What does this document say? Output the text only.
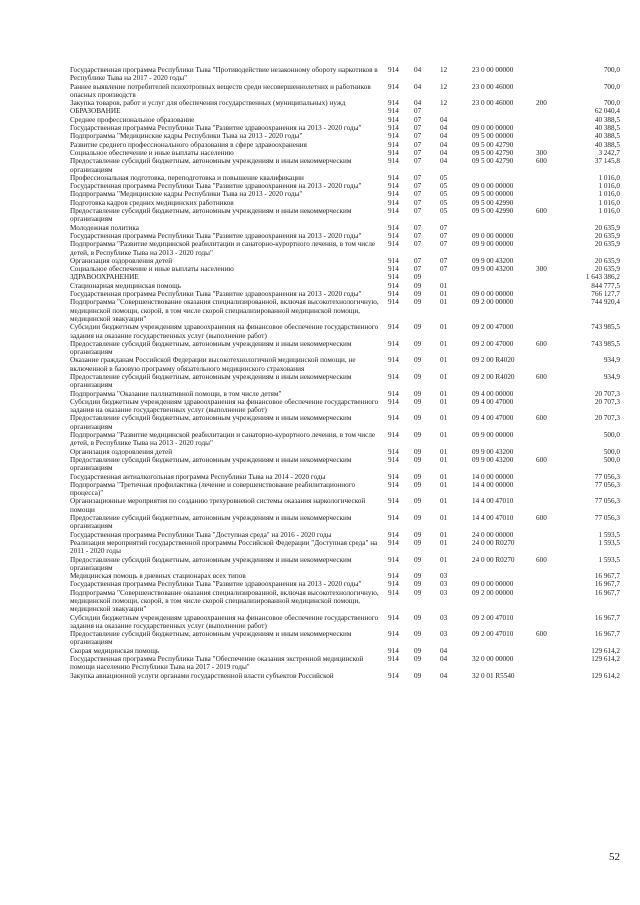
Государственная программа Республики Тыва "Противодействие незаконному обороту наркотиков в Республике Тыва на 2017 - 2020 годы"	914	04	12	23 0 00 00000		700,0
Раннее выявление потребителей психотропных веществ среди несовершеннолетних и работников опасных производств	914	04	12	23 0 00 46000		700,0
Закупка товаров, работ и услуг для обеспечения государственных (муниципальных) нужд	914	04	12	23 0 00 46000	200	700,0
ОБРАЗОВАНИЕ	914	07				62 040,4
Среднее профессиональное образование	914	07	04			40 388,5
Государственная программа Республики Тыва "Развитие здравоохранения на 2013 - 2020 годы"	914	07	04	09 0 00 00000		40 388,5
Подпрограмма "Медицинские кадры Республики Тыва на 2013 - 2020 годы"	914	07	04	09 5 00 00000		40 388,5
Развитие среднего профессионального образования в сфере здравоохранения	914	07	04	09 5 00 42790		40 388,5
Социальное обеспечение и иные выплаты населению	914	07	04	09 5 00 42790	300	3 242,7
Предоставление субсидий бюджетным, автономным учреждениям и иным некоммерческим организациям	914	07	04	09 5 00 42790	600	37 145,8
Профессиональная подготовка, переподготовка и повышение квалификации	914	07	05			1 016,0
Государственная программа Республики Тыва "Развитие здравоохранения на 2013 - 2020 годы"	914	07	05	09 0 00 00000		1 016,0
Подпрограмма "Медицинские кадры Республики Тыва на 2013 - 2020 годы"	914	07	05	09 5 00 00000		1 016,0
Подготовка кадров средних медицинских работников	914	07	05	09 5 00 42990		1 016,0
Предоставление субсидий бюджетным, автономным учреждениям и иным некоммерческим организациям	914	07	05	09 5 00 42990	600	1 016,0
Молодежная политика	914	07	07			20 635,9
Государственная программа Республики Тыва "Развитие здравоохранения на 2013 - 2020 годы"	914	07	07	09 0 00 00000		20 635,9
Подпрограмма "Развитие медицинской реабилитации и санаторно-курортного лечения, в том числе детей, в Республике Тыва на 2013 - 2020 годы"	914	07	07	09 9 00 00000		20 635,9
Организация оздоровления детей	914	07	07	09 9 00 43200		20 635,9
Социальное обеспечение и иные выплаты населению	914	07	07	09 9 00 43200	300	20 635,9
ЗДРАВООХРАНЕНИЕ	914	09				1 643 386,2
Стационарная медицинская помощь	914	09	01			844 777,5
Государственная программа Республики Тыва "Развитие здравоохранения на 2013 - 2020 годы"	914	09	01	09 0 00 00000		766 127,7
Подпрограмма "Совершенствование оказания специализированной, включая высокотехнологичную, медицинской помощи, скорой, в том числе скорой специализированной медицинской помощи, медицинской эвакуации"	914	09	01	09 2 00 00000		744 920,4
Субсидии бюджетным учреждениям здравоохранения на финансовое обеспечение государственного задания на оказание государственных услуг (выполнение работ)	914	09	01	09 2 00 47000		743 985,5
Предоставление субсидий бюджетным, автономным учреждениям и иным некоммерческим организациям	914	09	01	09 2 00 47000	600	743 985,5
Оказание гражданам Российской Федерации высокотехнологичной медицинской помощи, не включенной в базовую программу обязательного медицинского страхования	914	09	01	09 2 00 R4020		934,9
Предоставление субсидий бюджетным, автономным учреждениям и иным некоммерческим организациям	914	09	01	09 2 00 R4020	600	934,9
Подпрограмма "Оказание паллиативной помощи, в том числе детям"	914	09	01	09 4 00 00000		20 707,3
Субсидии бюджетным учреждениям здравоохранения на финансовое обеспечение государственного задания на оказание государственных услуг (выполнение работ)	914	09	01	09 4 00 47000		20 707,3
Предоставление субсидий бюджетным, автономным учреждениям и иным некоммерческим организациям	914	09	01	09 4 00 47000	600	20 707,3
Подпрограмма "Развитие медицинской реабилитации и санаторно-курортного лечения, в том числе детей, в Республике Тыва на 2013 - 2020 годы"	914	09	01	09 9 00 00000		500,0
Организация оздоровления детей	914	09	01	09 9 00 43200		500,0
Предоставление субсидий бюджетным, автономным учреждениям и иным некоммерческим организациям	914	09	01	09 9 00 43200	600	500,0
Государственная антиалкогольная программа Республики Тыва на 2014 - 2020 годы	914	09	01	14 0 00 00000		77 056,3
Подпрограмма "Третичная профилактика (лечение и совершенствование реабилитационного процесса)"	914	09	01	14 4 00 00000		77 056,3
Организационные мероприятия по созданию трехуровневой системы оказания наркологической помощи	914	09	01	14 4 00 47010		77 056,3
Предоставление субсидий бюджетным, автономным учреждениям и иным некоммерческим организациям	914	09	01	14 4 00 47010	600	77 056,3
Государственная программа Республики Тыва "Доступная среда" на 2016 - 2020 годы	914	09	01	24 0 00 00000		1 593,5
Реализация мероприятий государственной программы Российской Федерации "Доступная среда" на 2011 - 2020 годы	914	09	01	24 0 00 R0270		1 593,5
Предоставление субсидий бюджетным, автономным учреждениям и иным некоммерческим организациям	914	09	01	24 0 00 R0270	600	1 593,5
Медицинская помощь в дневных стационарах всех типов	914	09	03			16 967,7
Государственная программа Республики Тыва "Развитие здравоохранения на 2013 - 2020 годы"	914	09	03	09 0 00 00000		16 967,7
Подпрограмма "Совершенствование оказания специализированной, включая высокотехнологичную, медицинской помощи, скорой, в том числе скорой специализированной медицинской помощи, медицинской эвакуации"	914	09	03	09 2 00 00000		16 967,7
Субсидии бюджетным учреждениям здравоохранения на финансовое обеспечение государственного задания на оказание государственных услуг (выполнение работ)	914	09	03	09 2 00 47010		16 967,7
Предоставление субсидий бюджетным, автономным учреждениям и иным некоммерческим организациям	914	09	03	09 2 00 47010	600	16 967,7
Скорая медицинская помощь	914	09	04			129 614,2
Государственная программа Республики Тыва "Обеспечение оказания экстренной медицинской помощи населению Республики Тыва на 2017 - 2019 годы"	914	09	04	32 0 00 00000		129 614,2
Закупка авиационной услуги органами государственной власти субъектов Российской	914	09	04	32 0 01 R5540		129 614,2
52
